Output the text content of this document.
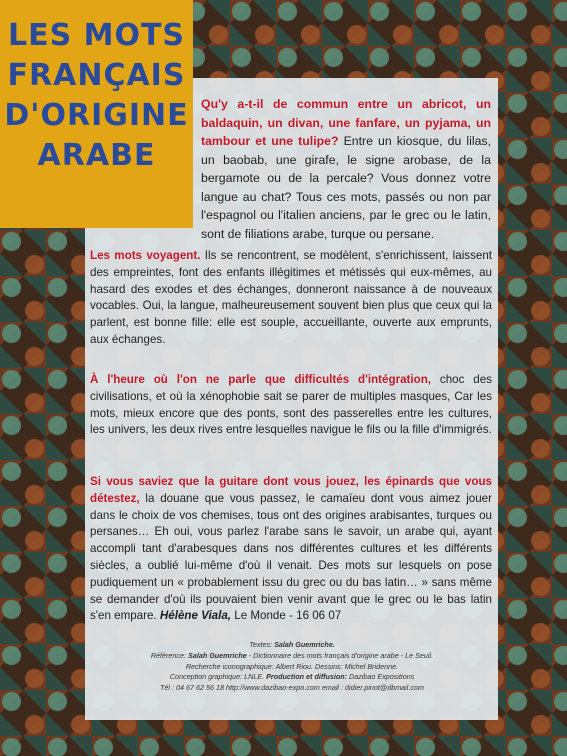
LES MOTS FRANÇAIS D'ORIGINE ARABE

Qu'y a-t-il de commun entre un abricot, un baldaquin, un divan, une fanfare, un pyjama, un tambour et une tulipe? Entre un kiosque, du lilas, un baobab, une girafe, le signe arobase, de la bergamote ou de la percale? Vous donnez votre langue au chat? Tous ces mots, passés ou non par l'espagnol ou l'italien anciens, par le grec ou le latin, sont de filiations arabe, turque ou persane.

Les mots voyagent. Ils se rencontrent, se modèlent, s'enrichissent, laissent des empreintes, font des enfants illégitimes et métissés qui eux-mêmes, au hasard des exodes et des échanges, donneront naissance à de nouveaux vocables. Oui, la langue, malheureusement souvent bien plus que ceux qui la parlent, est bonne fille: elle est souple, accueillante, ouverte aux emprunts, aux échanges.

À l'heure où l'on ne parle que difficultés d'intégration, choc des civilisations, et où la xénophobie sait se parer de multiples masques, Car les mots, mieux encore que des ponts, sont des passerelles entre les cultures, les univers, les deux rives entre lesquelles navigue le fils ou la fille d'immigrés.

Si vous saviez que la guitare dont vous jouez, les épinards que vous détestez, la douane que vous passez, le camaïeu dont vous aimez jouer dans le choix de vos chemises, tous ont des origines arabisantes, turques ou persanes… Eh oui, vous parlez l'arabe sans le savoir, un arabe qui, ayant accompli tant d'arabesques dans nos différentes cultures et les différents siècles, a oublié lui-même d'où il venait. Des mots sur lesquels on pose pudiquement un « probablement issu du grec ou du bas latin… » sans même se demander d'où ils pouvaient bien venir avant que le grec ou le bas latin s'en empare. Hélène Viala, Le Monde - 16 06 07

Textes: Salah Guemriche.
Référence: Salah Guemriche - Dictionnaire des mots français d'origine arabe - Le Seuil.
Recherche iconographique: Albert Riou. Dessins: Michel Bridenne.
Conception graphique: LNLE. Production et diffusion: Dazibao Expositions
Tél : 04 67 62 56 18 http://www.dazibao-expo.com email : didier.pinot@dbmail.com
